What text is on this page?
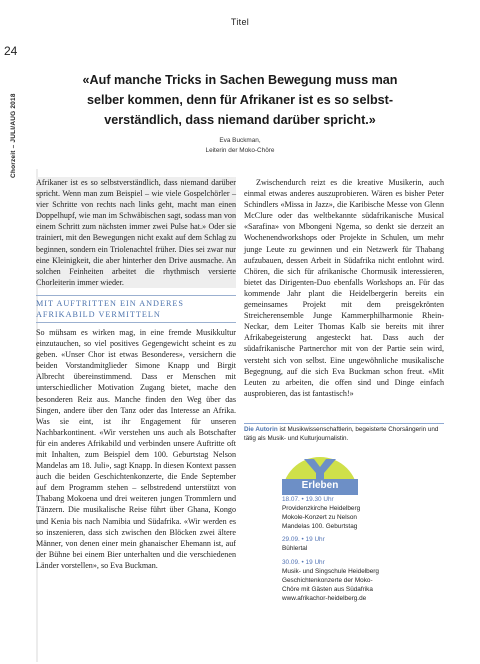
Titel
24
Chorzeit – JULI/AUG 2018
«Auf manche Tricks in Sachen Bewegung muss man
selber kommen, denn für Afrikaner ist es so selbst-
verständlich, dass niemand darüber spricht.»
Eva Buckman,
Leiterin der Moko-Chöre

Afrikaner ist es so selbstverständlich, dass niemand darüber spricht. Wenn man zum Beispiel – wie viele Gospelchörler – vier Schritte von rechts nach links geht, macht man einen Doppelhupf, wie man im Schwäbischen sagt, sodass man von einem Schritt zum nächsten immer zwei Pulse hat.» Oder sie trainiert, mit den Bewegungen nicht exakt auf dem Schlag zu beginnen, sondern ein Triolenachtel früher. Dies sei zwar nur eine Kleinigkeit, die aber hinterher den Drive ausmache. An solchen Feinheiten arbeitet die rhythmisch versierte Chorleiterin immer wieder.

MIT AUFTRITTEN EIN ANDERES
AFRIKABILD VERMITTELN

So mühsam es wirken mag, in eine fremde Musikkultur einzutauchen, so viel positives Gegengewicht scheint es zu geben. «Unser Chor ist etwas Besonderes», versichern die beiden Vorstandmitglieder Simone Knapp und Birgit Albrecht übereinstimmend. Dass er Menschen mit unterschiedlicher Motivation Zugang bietet, mache den besonderen Reiz aus. Manche finden den Weg über das Singen, andere über den Tanz oder das Interesse an Afrika. Was sie eint, ist ihr Engagement für unseren Nachbarkontinent. «Wir verstehen uns auch als Botschafter für ein anderes Afrikabild und verbinden unsere Auftritte oft mit Inhalten, zum Beispiel dem 100. Geburtstag Nelson Mandelas am 18. Juli», sagt Knapp. In diesen Kontext passen auch die beiden Geschichtenkonzerte, die Ende September auf dem Programm stehen – selbstredend unterstützt von Thabang Mokoena und drei weiteren jungen Trommlern und Tänzern. Die musikalische Reise führt über Ghana, Kongo und Kenia bis nach Namibia und Südafrika. «Wir werden es so inszenieren, dass sich zwischen den Blöcken zwei ältere Männer, von denen einer mein ghanaischer Ehemann ist, auf der Bühne bei einem Bier unterhalten und die verschiedenen Länder vorstellen», so Eva Buckman.

Zwischendurch reizt es die kreative Musikerin, auch einmal etwas anderes auszuprobieren. Wären es bisher Peter Schindlers «Missa in Jazz», die Karibische Messe von Glenn McClure oder das weltbekannte südafrikanische Musical «Sarafina» von Mbongeni Ngema, so denkt sie derzeit an Wochenendworkshops oder Projekte in Schulen, um mehr junge Leute zu gewinnen und ein Netzwerk für Thabang aufzubauen, dessen Arbeit in Südafrika nicht entlohnt wird. Chören, die sich für afrikanische Chormusik interessieren, bietet das Dirigenten-Duo ebenfalls Workshops an. Für das kommende Jahr plant die Heidelbergerin bereits ein gemeinsames Projekt mit dem preisgekrönten Streicherensemble Junge Kammerphilharmonie Rhein-Neckar, dem Leiter Thomas Kalb sie bereits mit ihrer Afrikabegeisterung angesteckt hat. Dass auch der südafrikanische Partnerchor mit von der Partie sein wird, versteht sich von selbst. Eine ungewöhnliche musikalische Begegnung, auf die sich Eva Buckman schon freut. «Mit Leuten zu arbeiten, die offen sind und Dinge einfach ausprobieren, das ist fantastisch!»

Die Autorin ist Musikwissenschaftlerin, begeisterte Chorsängerin und tätig als Musik- und Kulturjournalistin.
Erleben
18.07. • 19.30 Uhr
Providenzkirche Heidelberg
Mokole-Konzert zu Nelson
Mandelas 100. Geburtstag
29.09. • 19 Uhr
Bühlertal
30.09. • 19 Uhr
Musik- und Singschule Heidelberg
Geschichtenkonzerte der Moko-
Chöre mit Gästen aus Südafrika
www.afrikachor-heidelberg.de
